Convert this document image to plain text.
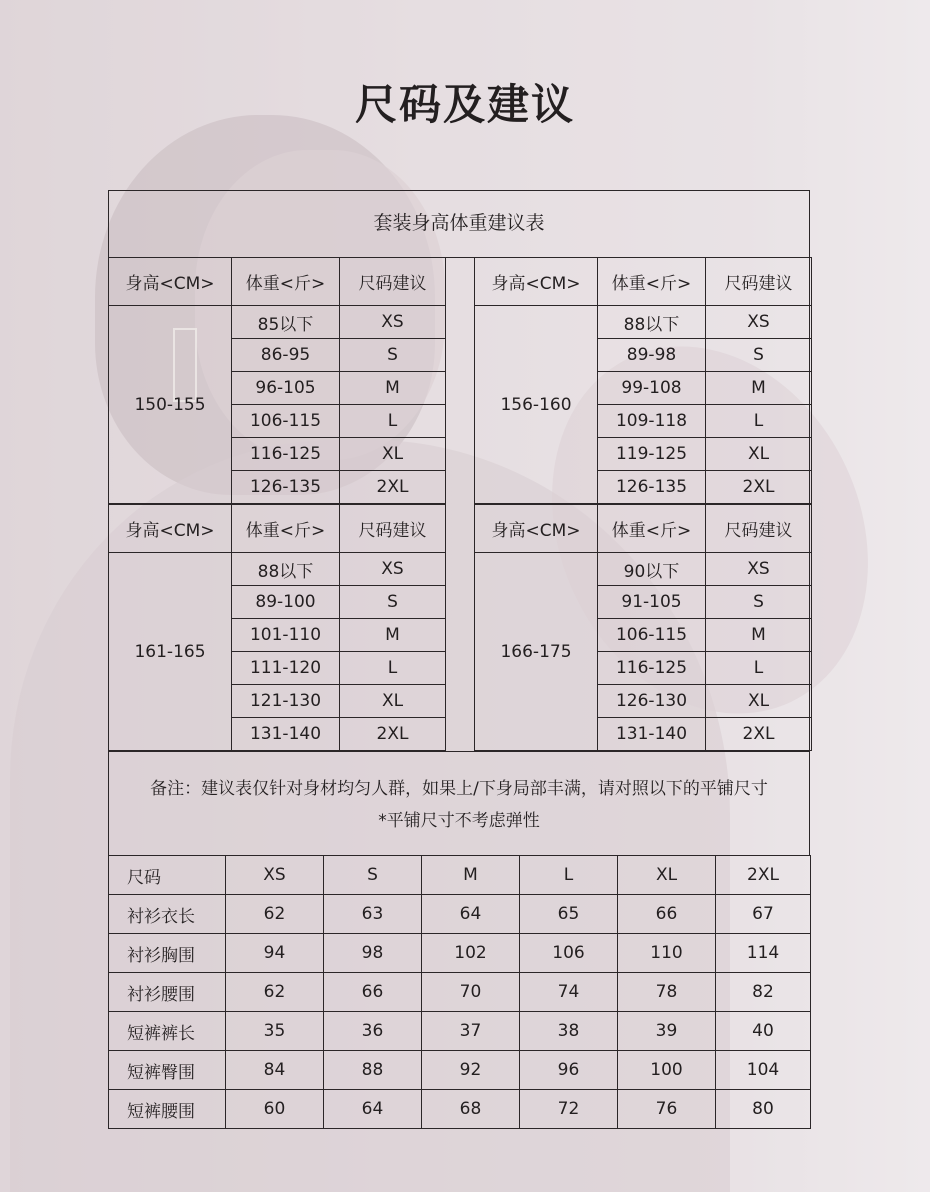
尺码及建议
套装身高体重建议表
身高<CM>	体重<斤>	尺码建议
150-155	85以下	XS
	86-95	S
	96-105	M
	106-115	L
	116-125	XL
	126-135	2XL
身高<CM>	体重<斤>	尺码建议
156-160	88以下	XS
	89-98	S
	99-108	M
	109-118	L
	119-125	XL
	126-135	2XL
身高<CM>	体重<斤>	尺码建议
161-165	88以下	XS
	89-100	S
	101-110	M
	111-120	L
	121-130	XL
	131-140	2XL
身高<CM>	体重<斤>	尺码建议
166-175	90以下	XS
	91-105	S
	106-115	M
	116-125	L
	126-130	XL
	131-140	2XL
备注：建议表仅针对身材均匀人群，如果上/下身局部丰满，请对照以下的平铺尺寸
*平铺尺寸不考虑弹性
尺码	XS	S	M	L	XL	2XL
衬衫衣长	62	63	64	65	66	67
衬衫胸围	94	98	102	106	110	114
衬衫腰围	62	66	70	74	78	82
短裤裤长	35	36	37	38	39	40
短裤臀围	84	88	92	96	100	104
短裤腰围	60	64	68	72	76	80
